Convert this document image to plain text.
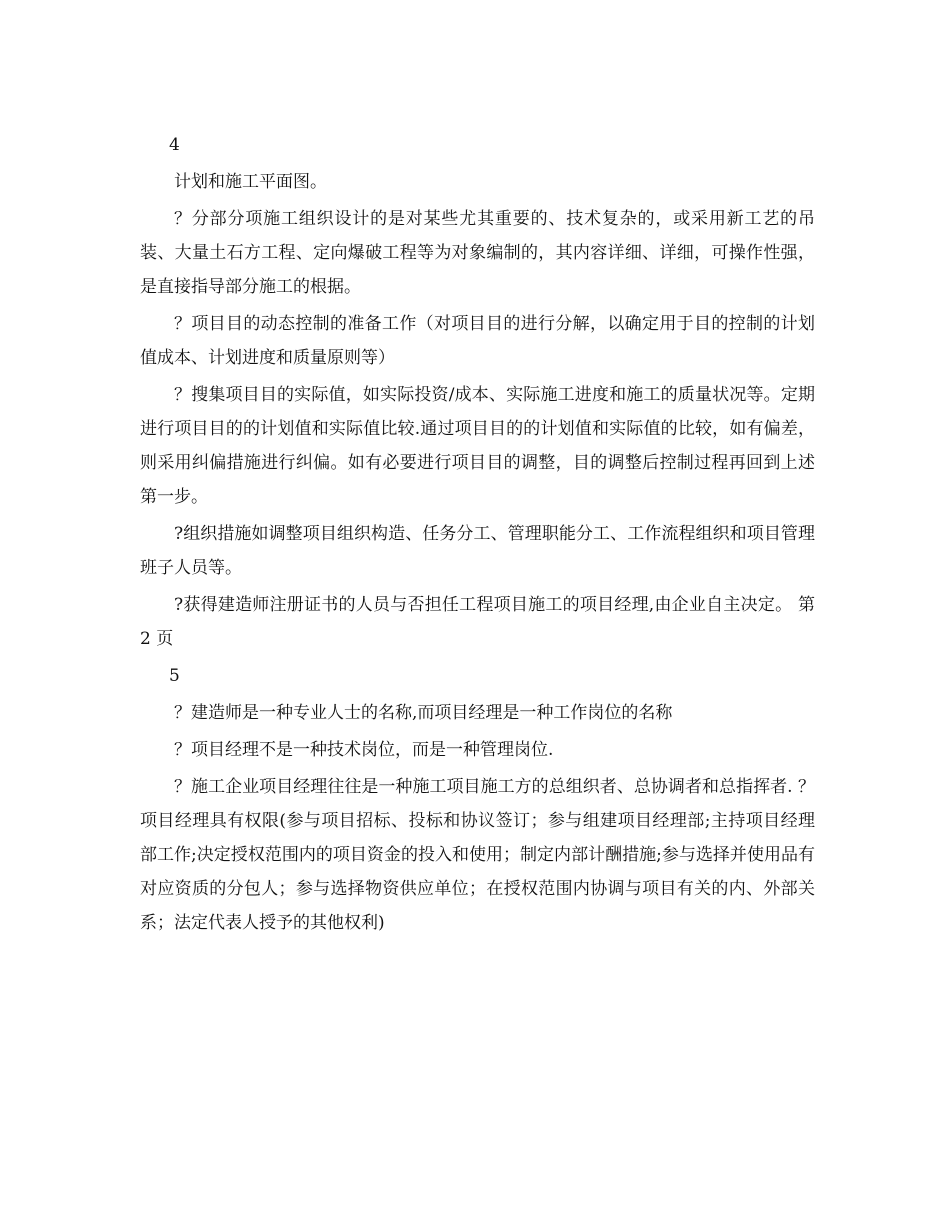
4

计划和施工平面图。

？分部分项施工组织设计的是对某些尤其重要的、技术复杂的，或采用新工艺的吊装、大量土石方工程、定向爆破工程等为对象编制的，其内容详细、详细，可操作性强，是直接指导部分施工的根据。

？项目目的动态控制的准备工作（对项目目的进行分解，以确定用于目的控制的计划值成本、计划进度和质量原则等）

？搜集项目目的实际值，如实际投资/成本、实际施工进度和施工的质量状况等。定期进行项目目的的计划值和实际值比较.通过项目目的的计划值和实际值的比较，如有偏差，则采用纠偏措施进行纠偏。如有必要进行项目目的调整，目的调整后控制过程再回到上述第一步。

?组织措施如调整项目组织构造、任务分工、管理职能分工、工作流程组织和项目管理班子人员等。

?获得建造师注册证书的人员与否担任工程项目施工的项目经理,由企业自主决定。 第 2 页

5

？建造师是一种专业人士的名称,而项目经理是一种工作岗位的名称

？项目经理不是一种技术岗位，而是一种管理岗位.

？施工企业项目经理往往是一种施工项目施工方的总组织者、总协调者和总指挥者. ？项目经理具有权限(参与项目招标、投标和协议签订；参与组建项目经理部;主持项目经理部工作;决定授权范围内的项目资金的投入和使用；制定内部计酬措施;参与选择并使用品有对应资质的分包人；参与选择物资供应单位；在授权范围内协调与项目有关的内、外部关系；法定代表人授予的其他权利)
